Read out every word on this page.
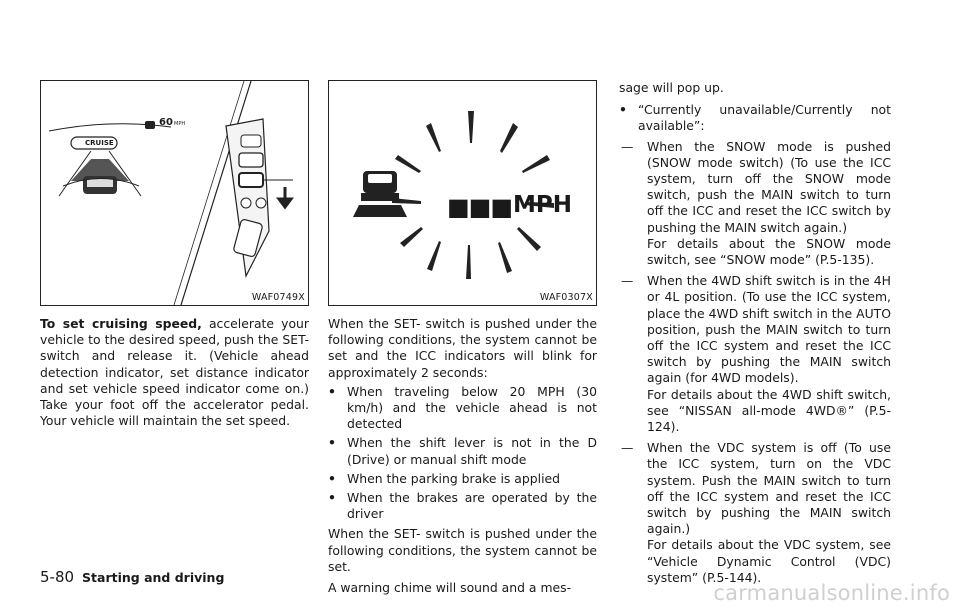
CRUISE
60 MPH
WAF0749X

To set cruising speed, accelerate your vehicle to the desired speed, push the SET- switch and release it. (Vehicle ahead detection indicator, set distance indicator and set vehicle speed indicator come on.) Take your foot off the accelerator pedal. Your vehicle will maintain the set speed.

■■■ MPH
WAF0307X

When the SET- switch is pushed under the following conditions, the system cannot be set and the ICC indicators will blink for approximately 2 seconds:

• When traveling below 20 MPH (30 km/h) and the vehicle ahead is not detected
• When the shift lever is not in the D (Drive) or manual shift mode
• When the parking brake is applied
• When the brakes are operated by the driver

When the SET- switch is pushed under the following conditions, the system cannot be set.

A warning chime will sound and a mes-

sage will pop up.

• “Currently unavailable/Currently not available”:
—	When the SNOW mode is pushed (SNOW mode switch) (To use the ICC system, turn off the SNOW mode switch, push the MAIN switch to turn off the ICC and reset the ICC switch by pushing the MAIN switch again.)

For details about the SNOW mode switch, see “SNOW mode” (P.5-135).

—	When the 4WD shift switch is in the 4H or 4L position. (To use the ICC system, place the 4WD shift switch in the AUTO position, push the MAIN switch to turn off the ICC system and reset the ICC switch by pushing the MAIN switch again (for 4WD models).

For details about the 4WD shift switch, see “NISSAN all-mode 4WD®” (P.5-124).

—	When the VDC system is off (To use the ICC system, turn on the VDC system. Push the MAIN switch to turn off the ICC system and reset the ICC switch by pushing the MAIN switch again.)

For details about the VDC system, see “Vehicle Dynamic Control (VDC) system” (P.5-144).

5-80 Starting and driving
carmanualsonline.info
